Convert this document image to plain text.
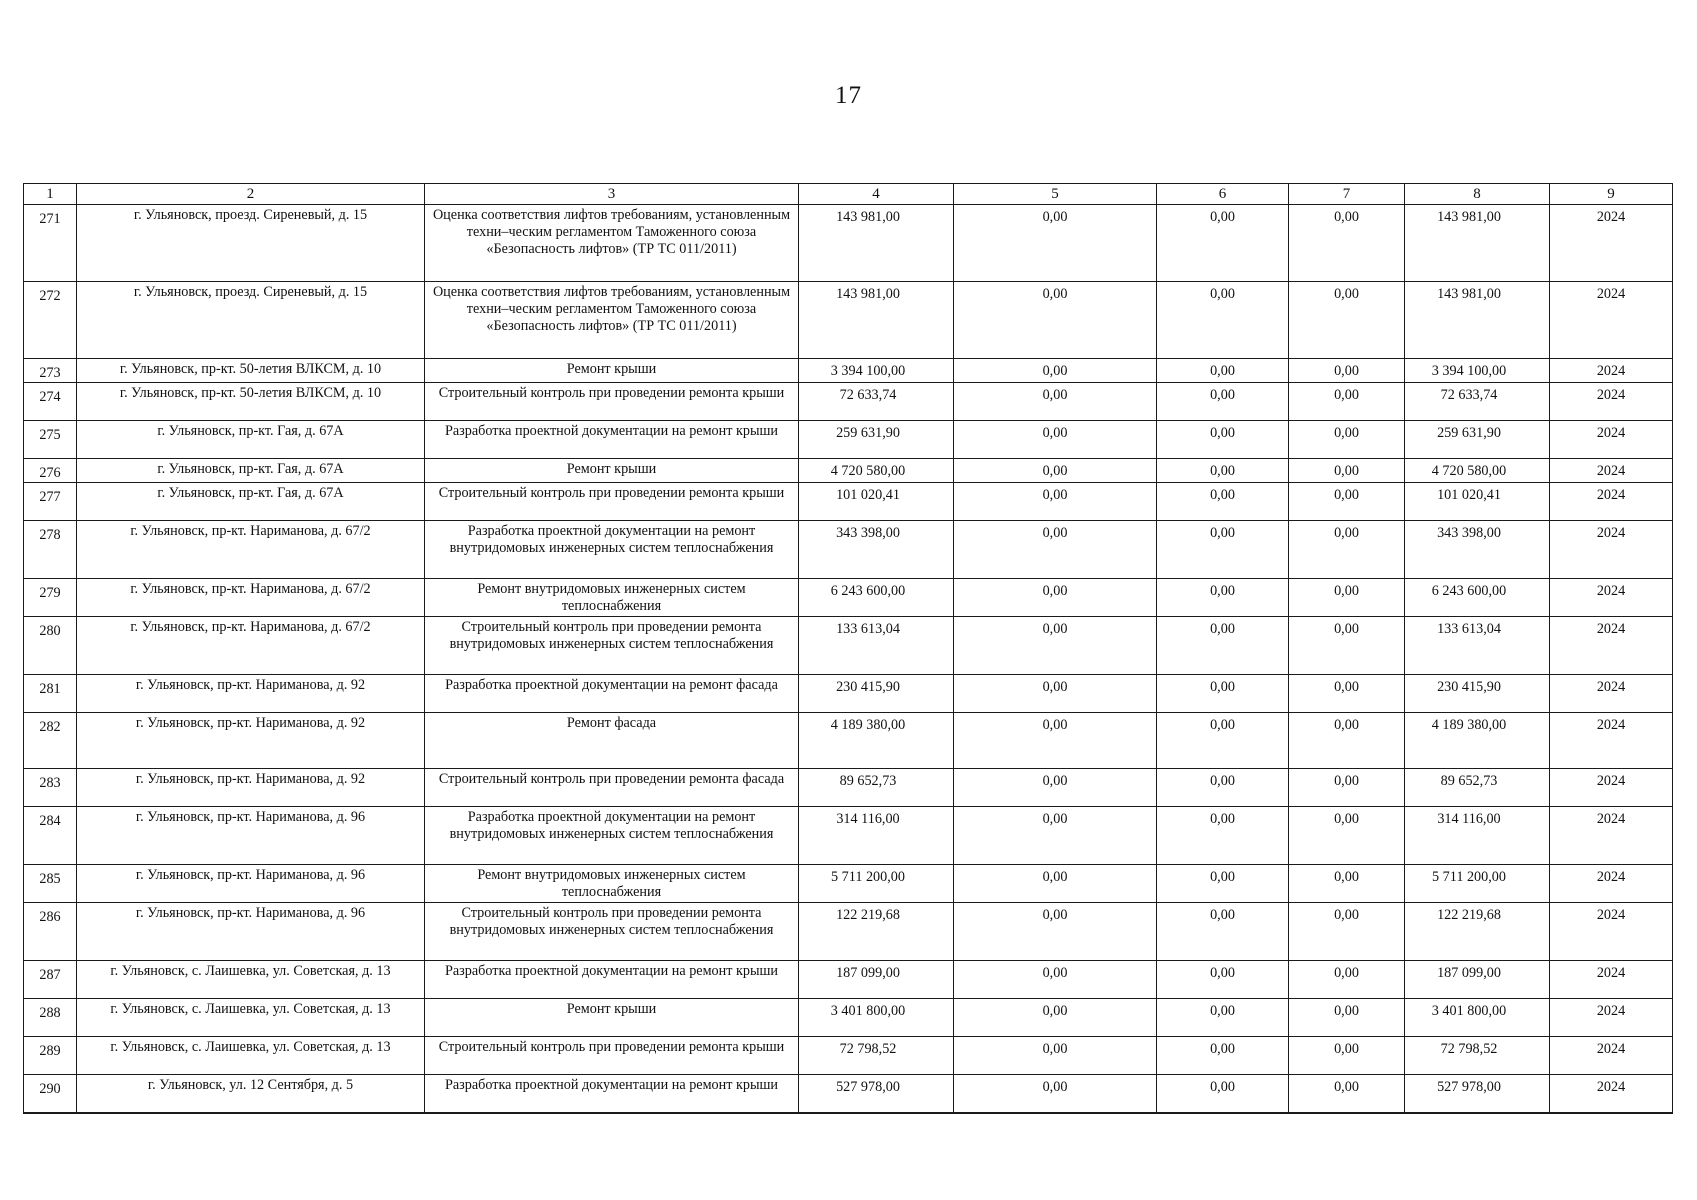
17
1	2	3	4	5	6	7	8	9
271	г. Ульяновск, проезд. Сиреневый, д. 15	Оценка соответствия лифтов требованиям, установленным техни–ческим регламентом Таможенного союза «Безопасность лифтов» (ТР ТС 011/2011)	143 981,00	0,00	0,00	0,00	143 981,00	2024
272	г. Ульяновск, проезд. Сиреневый, д. 15	Оценка соответствия лифтов требованиям, установленным техни–ческим регламентом Таможенного союза «Безопасность лифтов» (ТР ТС 011/2011)	143 981,00	0,00	0,00	0,00	143 981,00	2024
273	г. Ульяновск, пр-кт. 50-летия ВЛКСМ, д. 10	Ремонт крыши	3 394 100,00	0,00	0,00	0,00	3 394 100,00	2024
274	г. Ульяновск, пр-кт. 50-летия ВЛКСМ, д. 10	Строительный контроль при проведении ремонта крыши	72 633,74	0,00	0,00	0,00	72 633,74	2024
275	г. Ульяновск, пр-кт. Гая, д. 67А	Разработка проектной документации на ремонт крыши	259 631,90	0,00	0,00	0,00	259 631,90	2024
276	г. Ульяновск, пр-кт. Гая, д. 67А	Ремонт крыши	4 720 580,00	0,00	0,00	0,00	4 720 580,00	2024
277	г. Ульяновск, пр-кт. Гая, д. 67А	Строительный контроль при проведении ремонта крыши	101 020,41	0,00	0,00	0,00	101 020,41	2024
278	г. Ульяновск, пр-кт. Нариманова, д. 67/2	Разработка проектной документации на ремонт внутридомовых инженерных систем теплоснабжения	343 398,00	0,00	0,00	0,00	343 398,00	2024
279	г. Ульяновск, пр-кт. Нариманова, д. 67/2	Ремонт внутридомовых инженерных систем теплоснабжения	6 243 600,00	0,00	0,00	0,00	6 243 600,00	2024
280	г. Ульяновск, пр-кт. Нариманова, д. 67/2	Строительный контроль при проведении ремонта внутридомовых инженерных систем теплоснабжения	133 613,04	0,00	0,00	0,00	133 613,04	2024
281	г. Ульяновск, пр-кт. Нариманова, д. 92	Разработка проектной документации на ремонт фасада	230 415,90	0,00	0,00	0,00	230 415,90	2024
282	г. Ульяновск, пр-кт. Нариманова, д. 92	Ремонт фасада	4 189 380,00	0,00	0,00	0,00	4 189 380,00	2024
283	г. Ульяновск, пр-кт. Нариманова, д. 92	Строительный контроль при проведении ремонта фасада	89 652,73	0,00	0,00	0,00	89 652,73	2024
284	г. Ульяновск, пр-кт. Нариманова, д. 96	Разработка проектной документации на ремонт внутридомовых инженерных систем теплоснабжения	314 116,00	0,00	0,00	0,00	314 116,00	2024
285	г. Ульяновск, пр-кт. Нариманова, д. 96	Ремонт внутридомовых инженерных систем теплоснабжения	5 711 200,00	0,00	0,00	0,00	5 711 200,00	2024
286	г. Ульяновск, пр-кт. Нариманова, д. 96	Строительный контроль при проведении ремонта внутридомовых инженерных систем теплоснабжения	122 219,68	0,00	0,00	0,00	122 219,68	2024
287	г. Ульяновск, с. Лаишевка, ул. Советская, д. 13	Разработка проектной документации на ремонт крыши	187 099,00	0,00	0,00	0,00	187 099,00	2024
288	г. Ульяновск, с. Лаишевка, ул. Советская, д. 13	Ремонт крыши	3 401 800,00	0,00	0,00	0,00	3 401 800,00	2024
289	г. Ульяновск, с. Лаишевка, ул. Советская, д. 13	Строительный контроль при проведении ремонта крыши	72 798,52	0,00	0,00	0,00	72 798,52	2024
290	г. Ульяновск, ул. 12 Сентября, д. 5	Разработка проектной документации на ремонт крыши	527 978,00	0,00	0,00	0,00	527 978,00	2024
